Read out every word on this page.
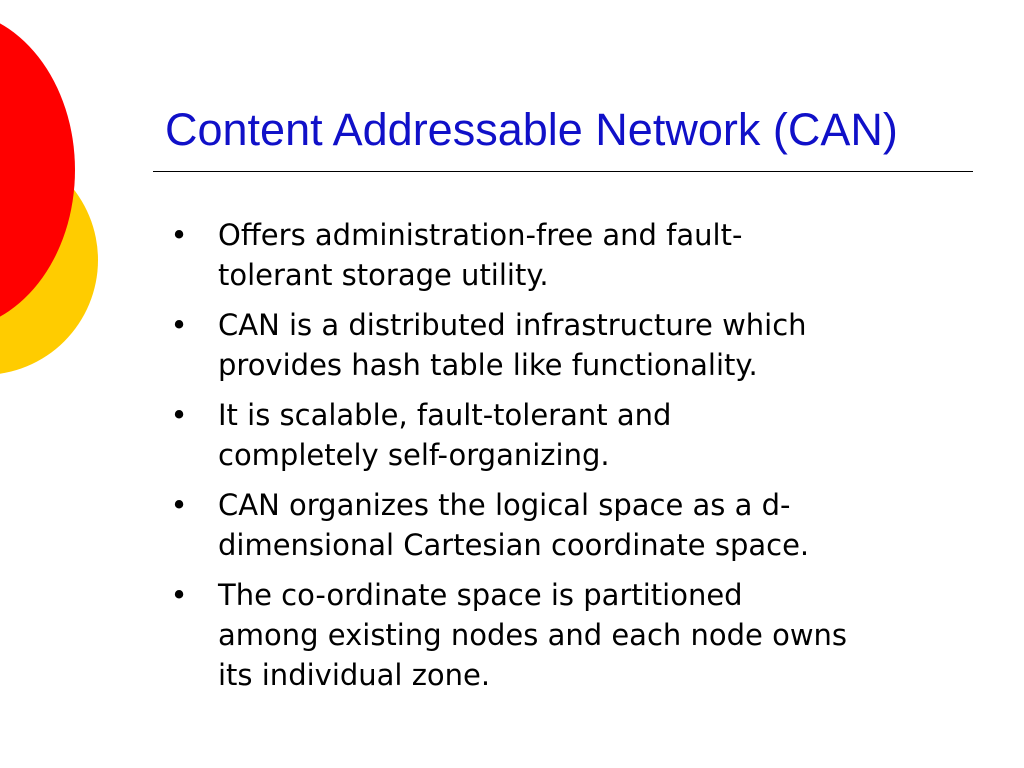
Content Addressable Network (CAN)
• Offers administration-free and fault-
tolerant storage utility.
• CAN is a distributed infrastructure which
provides hash table like functionality.
• It is scalable, fault-tolerant and
completely self-organizing.
• CAN organizes the logical space as a d-
dimensional Cartesian coordinate space.
• The co-ordinate space is partitioned
among existing nodes and each node owns
its individual zone.
